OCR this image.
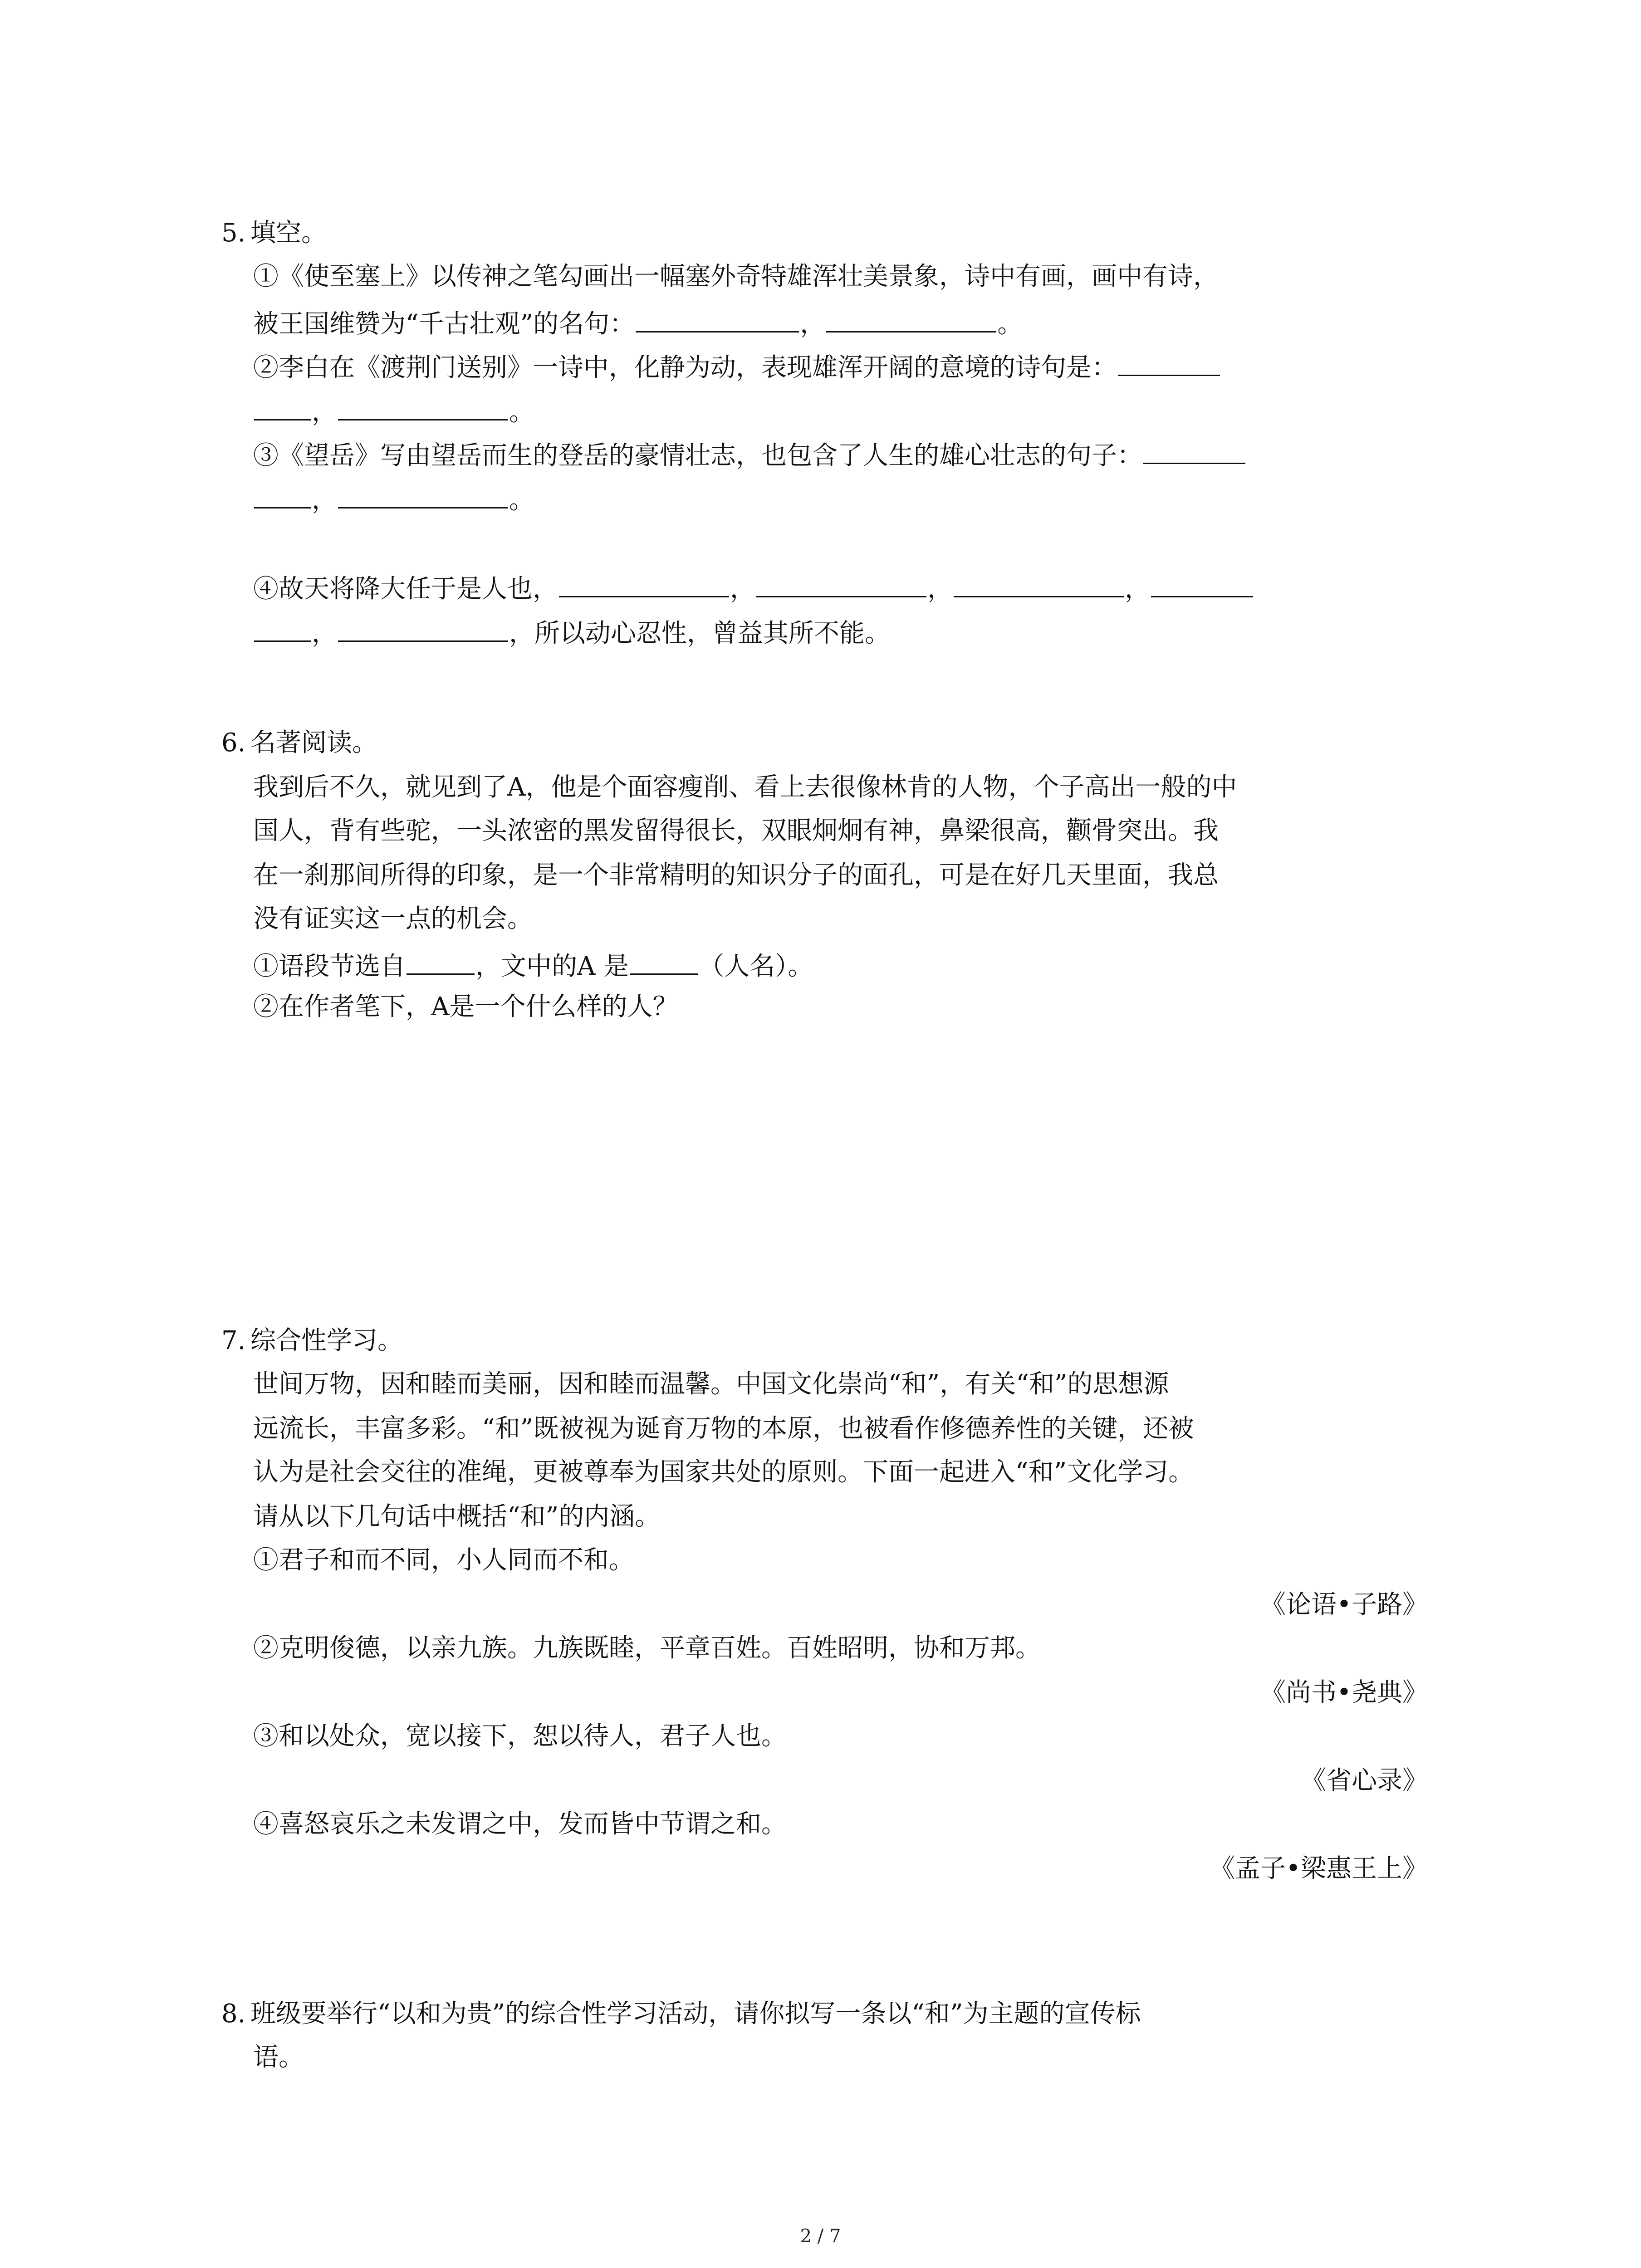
5. 填空。
①《使至塞上》以传神之笔勾画出一幅塞外奇特雄浑壮美景象，诗中有画，画中有诗，
被王国维赞为“千古壮观”的名句：	，	。
②李白在《渡荆门送别》一诗中，化静为动，表现雄浑开阔的意境的诗句是：
，	。
③《望岳》写由望岳而生的登岳的豪情壮志，也包含了人生的雄心壮志的句子：
，	。
④故天将降大任于是人也，	，	，	，
，	，所以动心忍性，曾益其所不能。
6. 名著阅读。
我到后不久，就见到了A，他是个面容瘦削、看上去很像林肯的人物，个子高出一般的中
国人，背有些驼，一头浓密的黑发留得很长，双眼炯炯有神，鼻梁很高，颧骨突出。我
在一刹那间所得的印象，是一个非常精明的知识分子的面孔，可是在好几天里面，我总
没有证实这一点的机会。
①语段节选自	，文中的A 是	（人名）。
②在作者笔下，A是一个什么样的人？
7. 综合性学习。
世间万物，因和睦而美丽，因和睦而温馨。中国文化崇尚“和”，有关“和”的思想源
远流长，丰富多彩。“和”既被视为诞育万物的本原，也被看作修德养性的关键，还被
认为是社会交往的准绳，更被尊奉为国家共处的原则。下面一起进入“和”文化学习。
请从以下几句话中概括“和”的内涵。
①君子和而不同，小人同而不和。
《论语•子路》
②克明俊德，以亲九族。九族既睦，平章百姓。百姓昭明，协和万邦。
《尚书•尧典》
③和以处众，宽以接下，恕以待人，君子人也。
《省心录》
④喜怒哀乐之未发谓之中，发而皆中节谓之和。
《孟子•梁惠王上》
8. 班级要举行“以和为贵”的综合性学习活动，请你拟写一条以“和”为主题的宣传标
语。
2 / 7
